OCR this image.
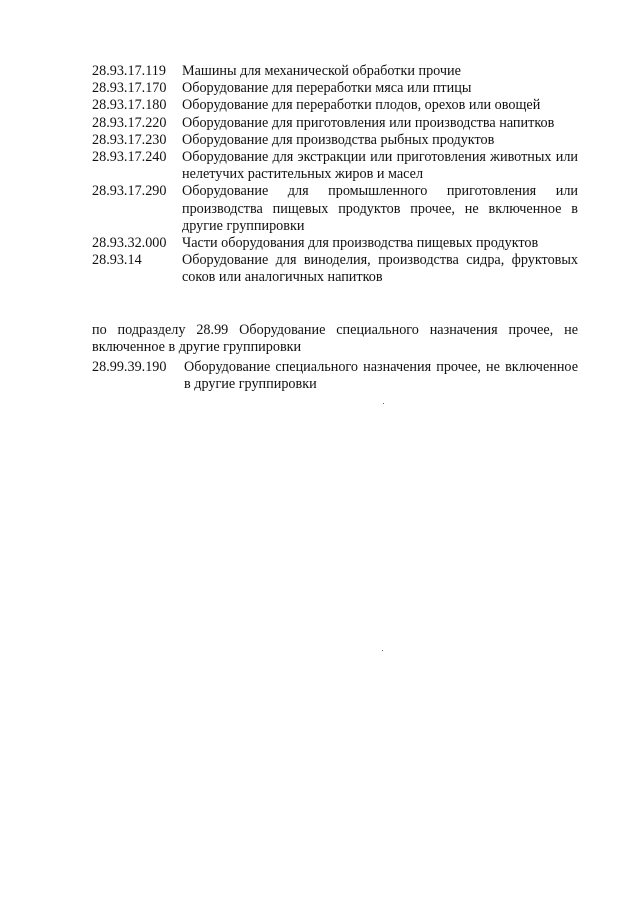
28.93.17.119	Машины для механической обработки прочие
28.93.17.170	Оборудование для переработки мяса или птицы
28.93.17.180	Оборудование для переработки плодов, орехов или овощей
28.93.17.220	Оборудование для приготовления или производства напитков
28.93.17.230	Оборудование для производства рыбных продуктов
28.93.17.240	Оборудование для экстракции или приготовления животных или нелетучих растительных жиров и масел
28.93.17.290	Оборудование для промышленного приготовления или производства пищевых продуктов прочее, не включенное в другие группировки
28.93.32.000	Части оборудования для производства пищевых продуктов
28.93.14	Оборудование для виноделия, производства сидра, фруктовых соков или аналогичных напитков
по подразделу 28.99 Оборудование специального назначения прочее, не включенное в другие группировки
28.99.39.190	Оборудование специального назначения прочее, не включенное в другие группировки
